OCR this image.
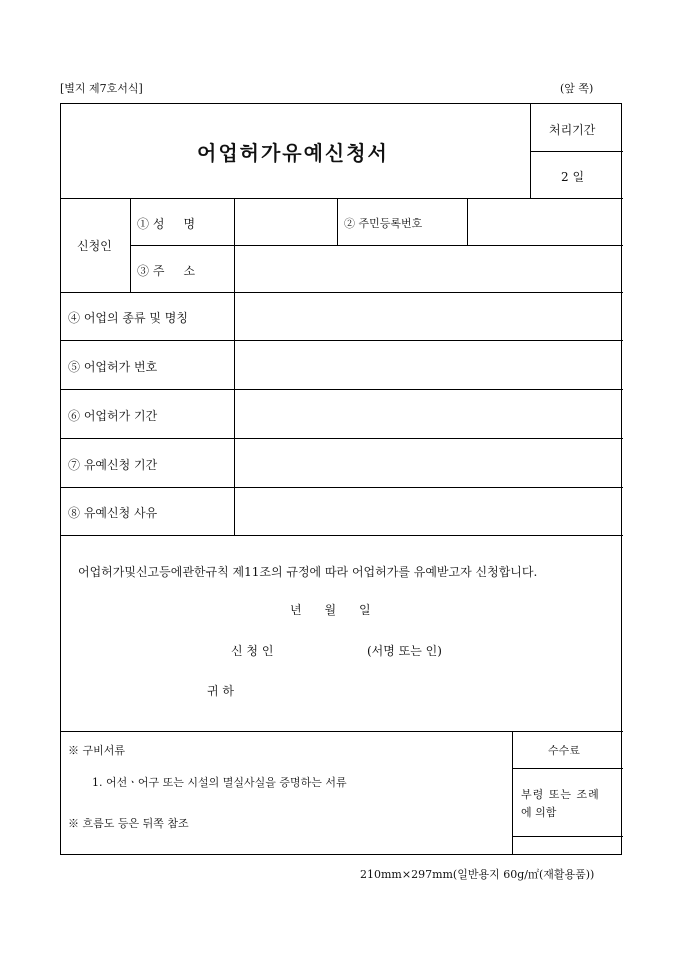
[별지 제7호서식]	(앞 쪽)
어업허가유예신청서
처리기간
2 일
신청인
① 성     명	② 주민등록번호
③ 주     소
④ 어업의 종류 및 명칭
⑤ 어업허가 번호
⑥ 어업허가 기간
⑦ 유예신청 기간
⑧ 유예신청 사유
어업허가및신고등에관한규칙 제11조의 규정에 따라 어업허가를 유예받고자 신청합니다.
년      월      일
신 청 인	(서명 또는 인)
귀 하
※ 구비서류
1. 어선ㆍ어구 또는 시설의 멸실사실을 증명하는 서류
※ 흐름도 등은 뒤쪽 참조
수수료
부령 또는 조례
에 의함
210mm×297mm(일반용지 60g/㎡(재활용품))
